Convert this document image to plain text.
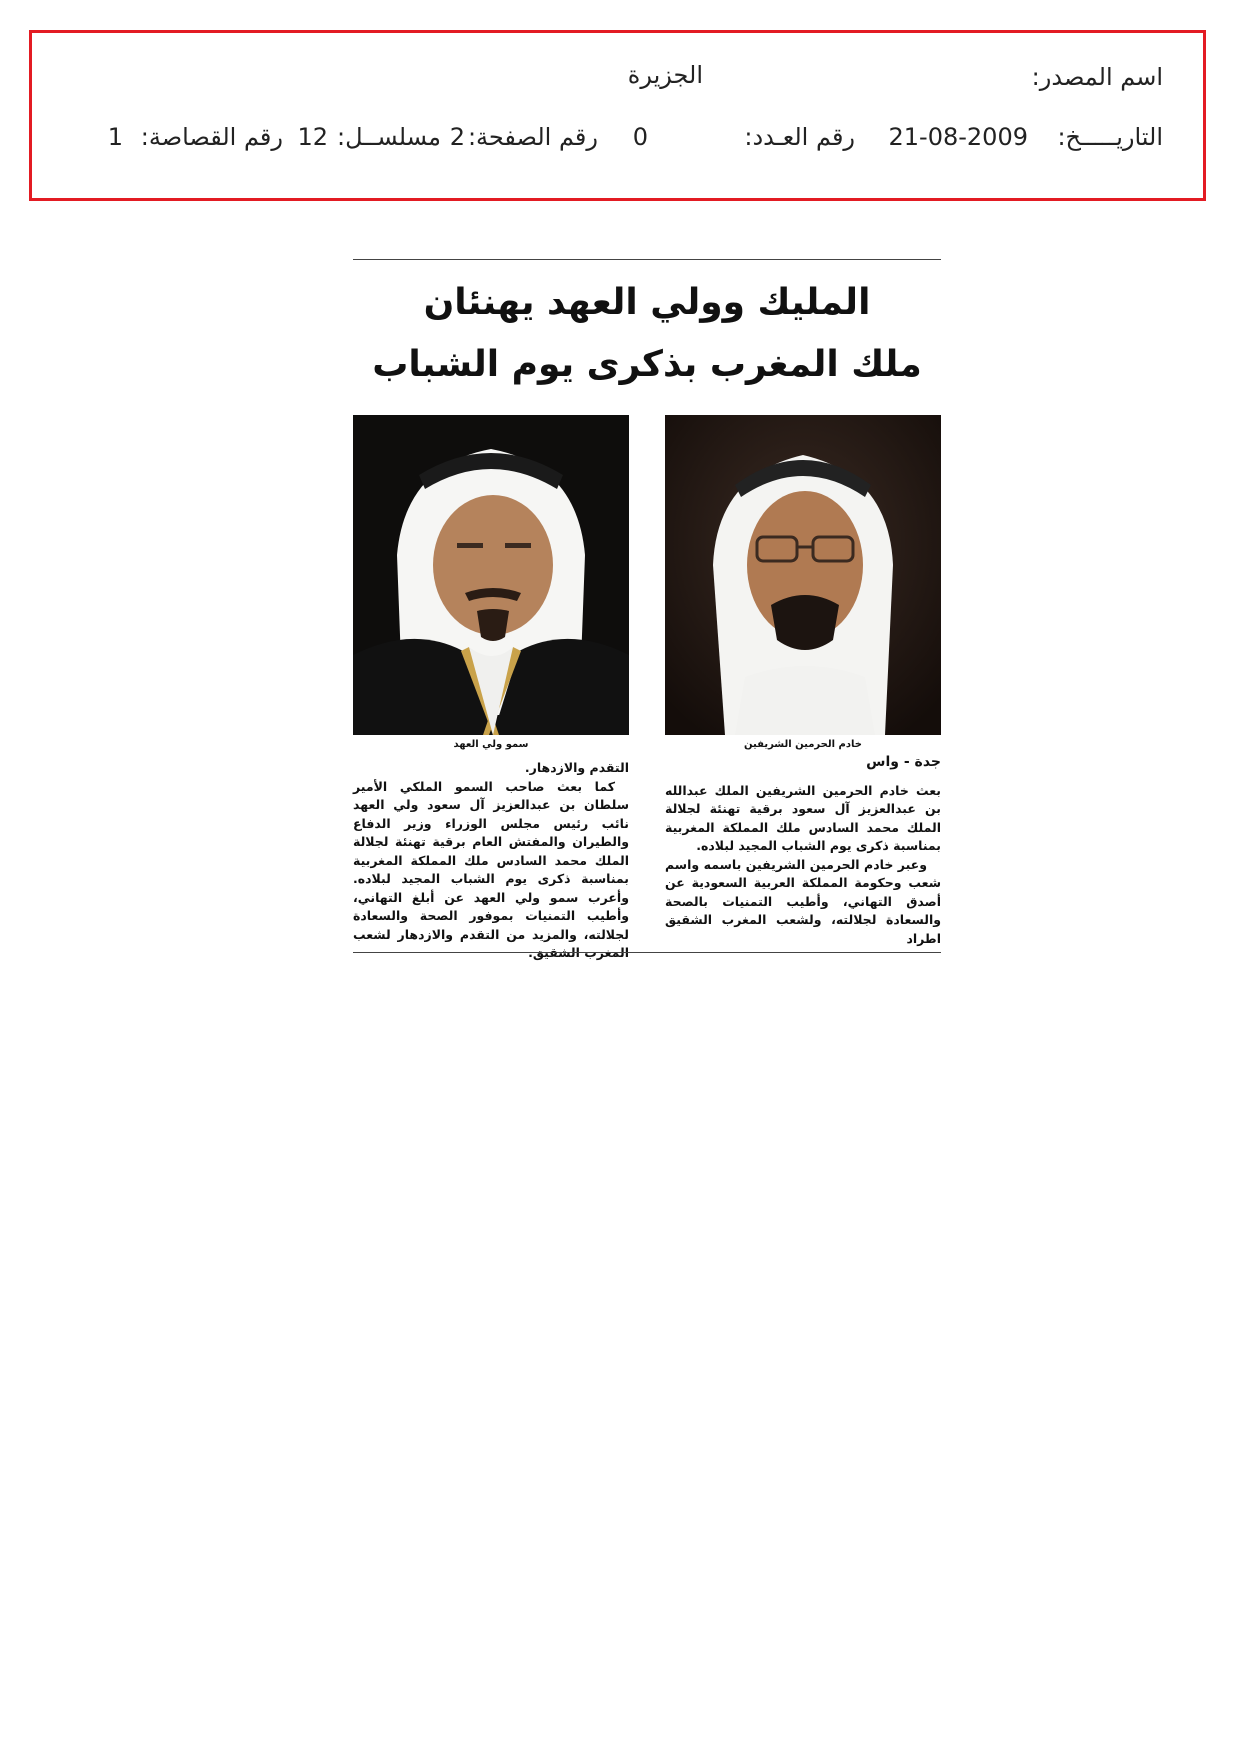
اسم المصدر:
الجزيرة
التاريـــــخ:
21-08-2009
رقم العـدد:
0
رقم الصفحة:
2
مسلســل:
12
رقم القصاصة:
1
المليك وولي العهد يهنئان
ملك المغرب بذكرى يوم الشباب
خادم الحرمين الشريفين
سمو ولي العهد

جدة - واس

بعث خادم الحرمين الشريفين الملك عبدالله بن عبدالعزيز آل سعود برقية تهنئة لجلالة الملك محمد السادس ملك المملكة المغربية بمناسبة ذكرى يوم الشباب المجيد لبلاده.

وعبر خادم الحرمين الشريفين باسمه واسم شعب وحكومة المملكة العربية السعودية عن أصدق التهاني، وأطيب التمنيات بالصحة والسعادة لجلالته، ولشعب المغرب الشقيق اطراد

التقدم والازدهار.

كما بعث صاحب السمو الملكي الأمير سلطان بن عبدالعزيز آل سعود ولي العهد نائب رئيس مجلس الوزراء وزير الدفاع والطيران والمفتش العام برقية تهنئة لجلالة الملك محمد السادس ملك المملكة المغربية بمناسبة ذكرى يوم الشباب المجيد لبلاده. وأعرب سمو ولي العهد عن أبلغ التهاني، وأطيب التمنيات بموفور الصحة والسعادة لجلالته، والمزيد من التقدم والازدهار لشعب المغرب الشقيق.
